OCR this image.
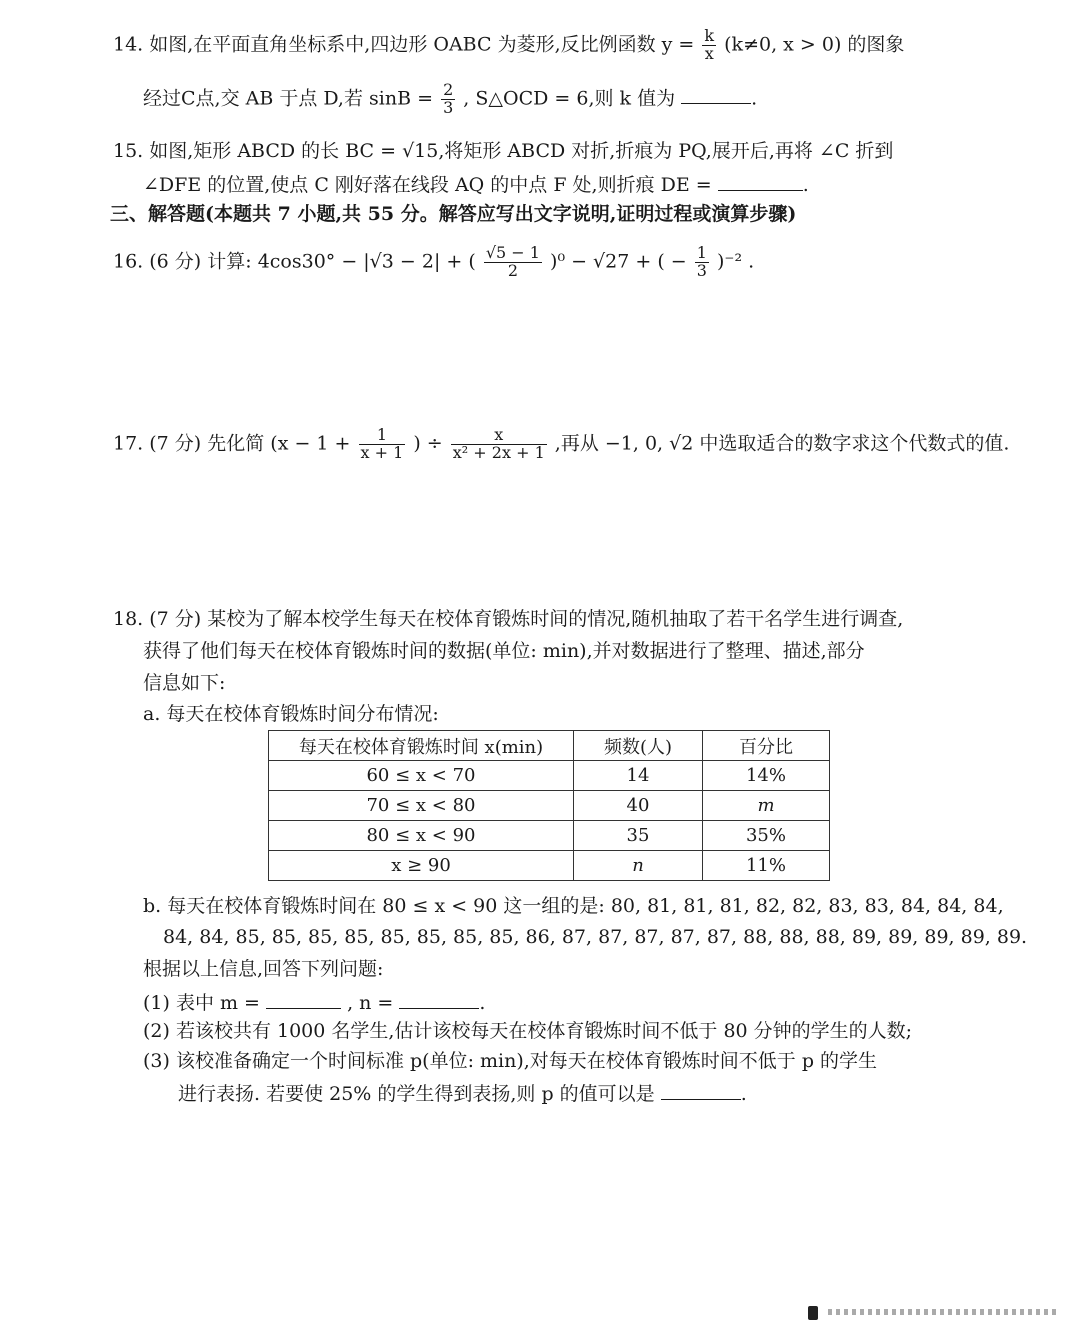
14. 如图,在平面直角坐标系中,四边形 OABC 为菱形,反比例函数 $y = \frac{k}{x} (k\ne 0$, x > 0) 的图象
经过C点,交 AB 于点 D,若 $\sin B = \frac{2}{3}$ , S△OCD = 6,则 k 值为	.
15. 如图,矩形 ABCD 的长 BC = √15,将矩形 ABCD 对折,折痕为 PQ,展开后,再将 ∠C 折到
∠DFE 的位置,使点 C 刚好落在线段 AQ 的中点 F 处,则折痕 DE =	.
三、解答题(本题共 7 小题,共 55 分。解答应写出文字说明,证明过程或演算步骤)
16. (6 分) 计算: 4cos30° − |√3 − 2| + ( $\frac{√5 - 1}{2} )^0 - √27$ + ( − $\frac{1}{3} )^{-2}$ .
17. (7 分) 先化简 ($x - 1 + \frac{1}{x + 1}$ ) ÷ $\frac{x}{\text{x² + 2x + 1}}$ ,再从 −1, 0, √2 中选取适合的数字求这个代数式的值.
18. (7 分) 某校为了解本校学生每天在校体育锻炼时间的情况,随机抽取了若干名学生进行调查,
获得了他们每天在校体育锻炼时间的数据(单位: min),并对数据进行了整理、描述,部分
信息如下:
a. 每天在校体育锻炼时间分布情况:
每天在校体育锻炼时间 x(min)	频数(人)	百分比
60 ≤ x < 70	14	14%
70 ≤ x < 80	40	m
80 ≤ x < 90	35	35%
x ≥ 90	n	11%
b. 每天在校体育锻炼时间在 80 ≤ x < 90 这一组的是: 80, 81, 81, 81, 82, 82, 83, 83, 84, 84, 84,
84, 84, 85, 85, 85, 85, 85, 85, 85, 85, 86, 87, 87, 87, 87, 87, 88, 88, 88, 89, 89, 89, 89, 89.
根据以上信息,回答下列问题:
(1) 表中 m =	, n =	.
(2) 若该校共有 1000 名学生,估计该校每天在校体育锻炼时间不低于 80 分钟的学生的人数;
(3) 该校准备确定一个时间标准 p(单位: min),对每天在校体育锻炼时间不低于 p 的学生
进行表扬. 若要使 25% 的学生得到表扬,则 p 的值可以是	.
